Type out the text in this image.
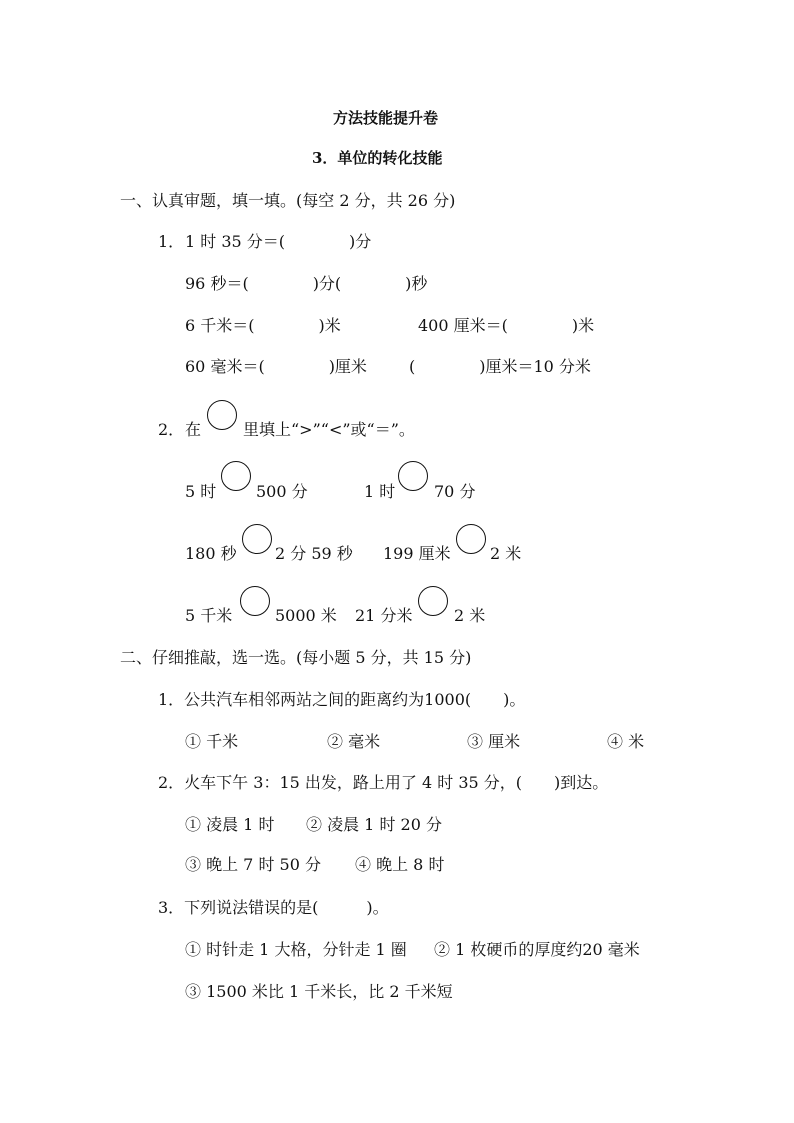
方法技能提升卷
3．单位的转化技能
一、认真审题，填一填。(每空 2 分，共 26 分)
1． 1 时 35 分＝(　　　　)分
96 秒＝(　　　　)分(　　　　)秒
6 千米＝(　　　　)米	400 厘米＝(　　　　)米
60 毫米＝(　　　　)厘米	(　　　　)厘米＝10 分米
2． 在	里填上“>”“<”或“＝”。
5 时 500 分	1 时 70 分
180 秒 2 分 59 秒 199 厘米 2 米
5 千米	5000 米 21 分米	2 米
二、仔细推敲，选一选。(每小题 5 分，共 15 分)
1．公共汽车相邻两站之间的距离约为1000(　　)。
① 千米	② 毫米	③ 厘米	④ 米
2．火车下午 3：15 出发，路上用了 4 时 35 分，(　　)到达。
① 凌晨 1 时 ② 凌晨 1 时 20 分
③ 晚上 7 时 50 分 ④ 晚上 8 时
3．下列说法错误的是(　　　)。
① 时针走 1 大格，分针走 1 圈 ② 1 枚硬币的厚度约20 毫米
③ 1500 米比 1 千米长，比 2 千米短
